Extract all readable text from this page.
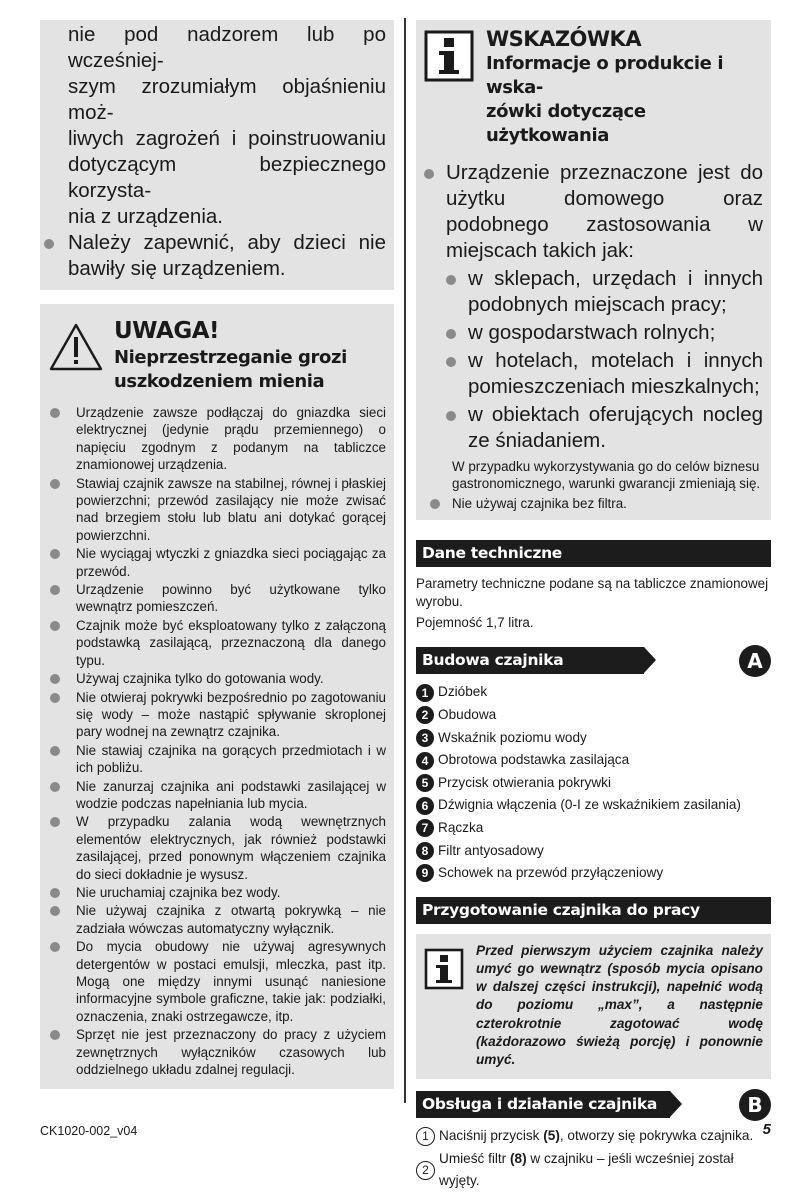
nie pod nadzorem lub po wcześniej-
szym zrozumiałym objaśnieniu moż-
liwych zagrożeń i poinstruowaniu
dotyczącym bezpiecznego korzysta-
nia z urządzenia.
Należy zapewnić, aby dzieci nie
bawiły się urządzeniem.
UWAGA!
Nieprzestrzeganie grozi
uszkodzeniem mienia
Urządzenie zawsze podłączaj do gniazdka sieci elektrycznej (jedynie prądu przemiennego) o napięciu zgodnym z podanym na tabliczce znamionowej urządzenia.
Stawiaj czajnik zawsze na stabilnej, równej i płaskiej powierzchni; przewód zasilający nie może zwisać nad brzegiem stołu lub blatu ani dotykać gorącej powierzchni.
Nie wyciągaj wtyczki z gniazdka sieci pociągając za przewód.
Urządzenie powinno być użytkowane tylko wewnątrz pomieszczeń.
Czajnik może być eksploatowany tylko z załączoną podstawką zasilającą, przeznaczoną dla danego typu.
Używaj czajnika tylko do gotowania wody.
Nie otwieraj pokrywki bezpośrednio po zagotowaniu się wody – może nastąpić spływanie skroplonej pary wodnej na zewnątrz czajnika.
Nie stawiaj czajnika na gorących przedmiotach i w ich pobliżu.
Nie zanurzaj czajnika ani podstawki zasilającej w wodzie podczas napełniania lub mycia.
W przypadku zalania wodą wewnętrznych elementów elektrycznych, jak również podstawki zasilającej, przed ponownym włączeniem czajnika do sieci dokładnie je wysusz.
Nie uruchamiaj czajnika bez wody.
Nie używaj czajnika z otwartą pokrywką – nie zadziała wówczas automatyczny wyłącznik.
Do mycia obudowy nie używaj agresywnych detergentów w postaci emulsji, mleczka, past itp. Mogą one między innymi usunąć naniesione informacyjne symbole graficzne, takie jak: podziałki, oznaczenia, znaki ostrzegawcze, itp.
Sprzęt nie jest przeznaczony do pracy z użyciem zewnętrznych wyłączników czasowych lub oddzielnego układu zdalnej regulacji.
WSKAZÓWKA
Informacje o produkcie i wska-
zówki dotyczące użytkowania
Urządzenie przeznaczone jest do użytku domowego oraz podobnego zastosowania w miejscach takich jak:
w sklepach, urzędach i innych podobnych miejscach pracy;
w gospodarstwach rolnych;
w hotelach, motelach i innych pomieszczeniach mieszkalnych;
w obiektach oferujących nocleg ze śniadaniem.
W przypadku wykorzystywania go do celów biznesu gastronomicznego, warunki gwarancji zmieniają się.
Nie używaj czajnika bez filtra.
Dane techniczne

Parametry techniczne podane są na tabliczce znamionowej wyrobu.

Pojemność 1,7 litra.

Budowa czajnika	A
1 Dzióbek
2 Obudowa
3 Wskaźnik poziomu wody
4 Obrotowa podstawka zasilająca
5 Przycisk otwierania pokrywki
6 Dźwignia włączenia (0-I ze wskaźnikiem zasilania)
7 Rączka
8 Filtr antyosadowy
9 Schowek na przewód przyłączeniowy
Przygotowanie czajnika do pracy
Przed pierwszym użyciem czajnika należy umyć go wewnątrz (sposób mycia opisano w dalszej części instrukcji), napełnić wodą do poziomu „max”, a następnie czterokrotnie zagotować wodę (każdorazowo świeżą porcję) i ponownie umyć.
Obsługa i działanie czajnika	B
1 Naciśnij przycisk (5), otworzy się pokrywka czajnika.
2
Umieść filtr (8) w czajniku – jeśli wcześniej został wyjęty.
CK1020-002_v04	5
